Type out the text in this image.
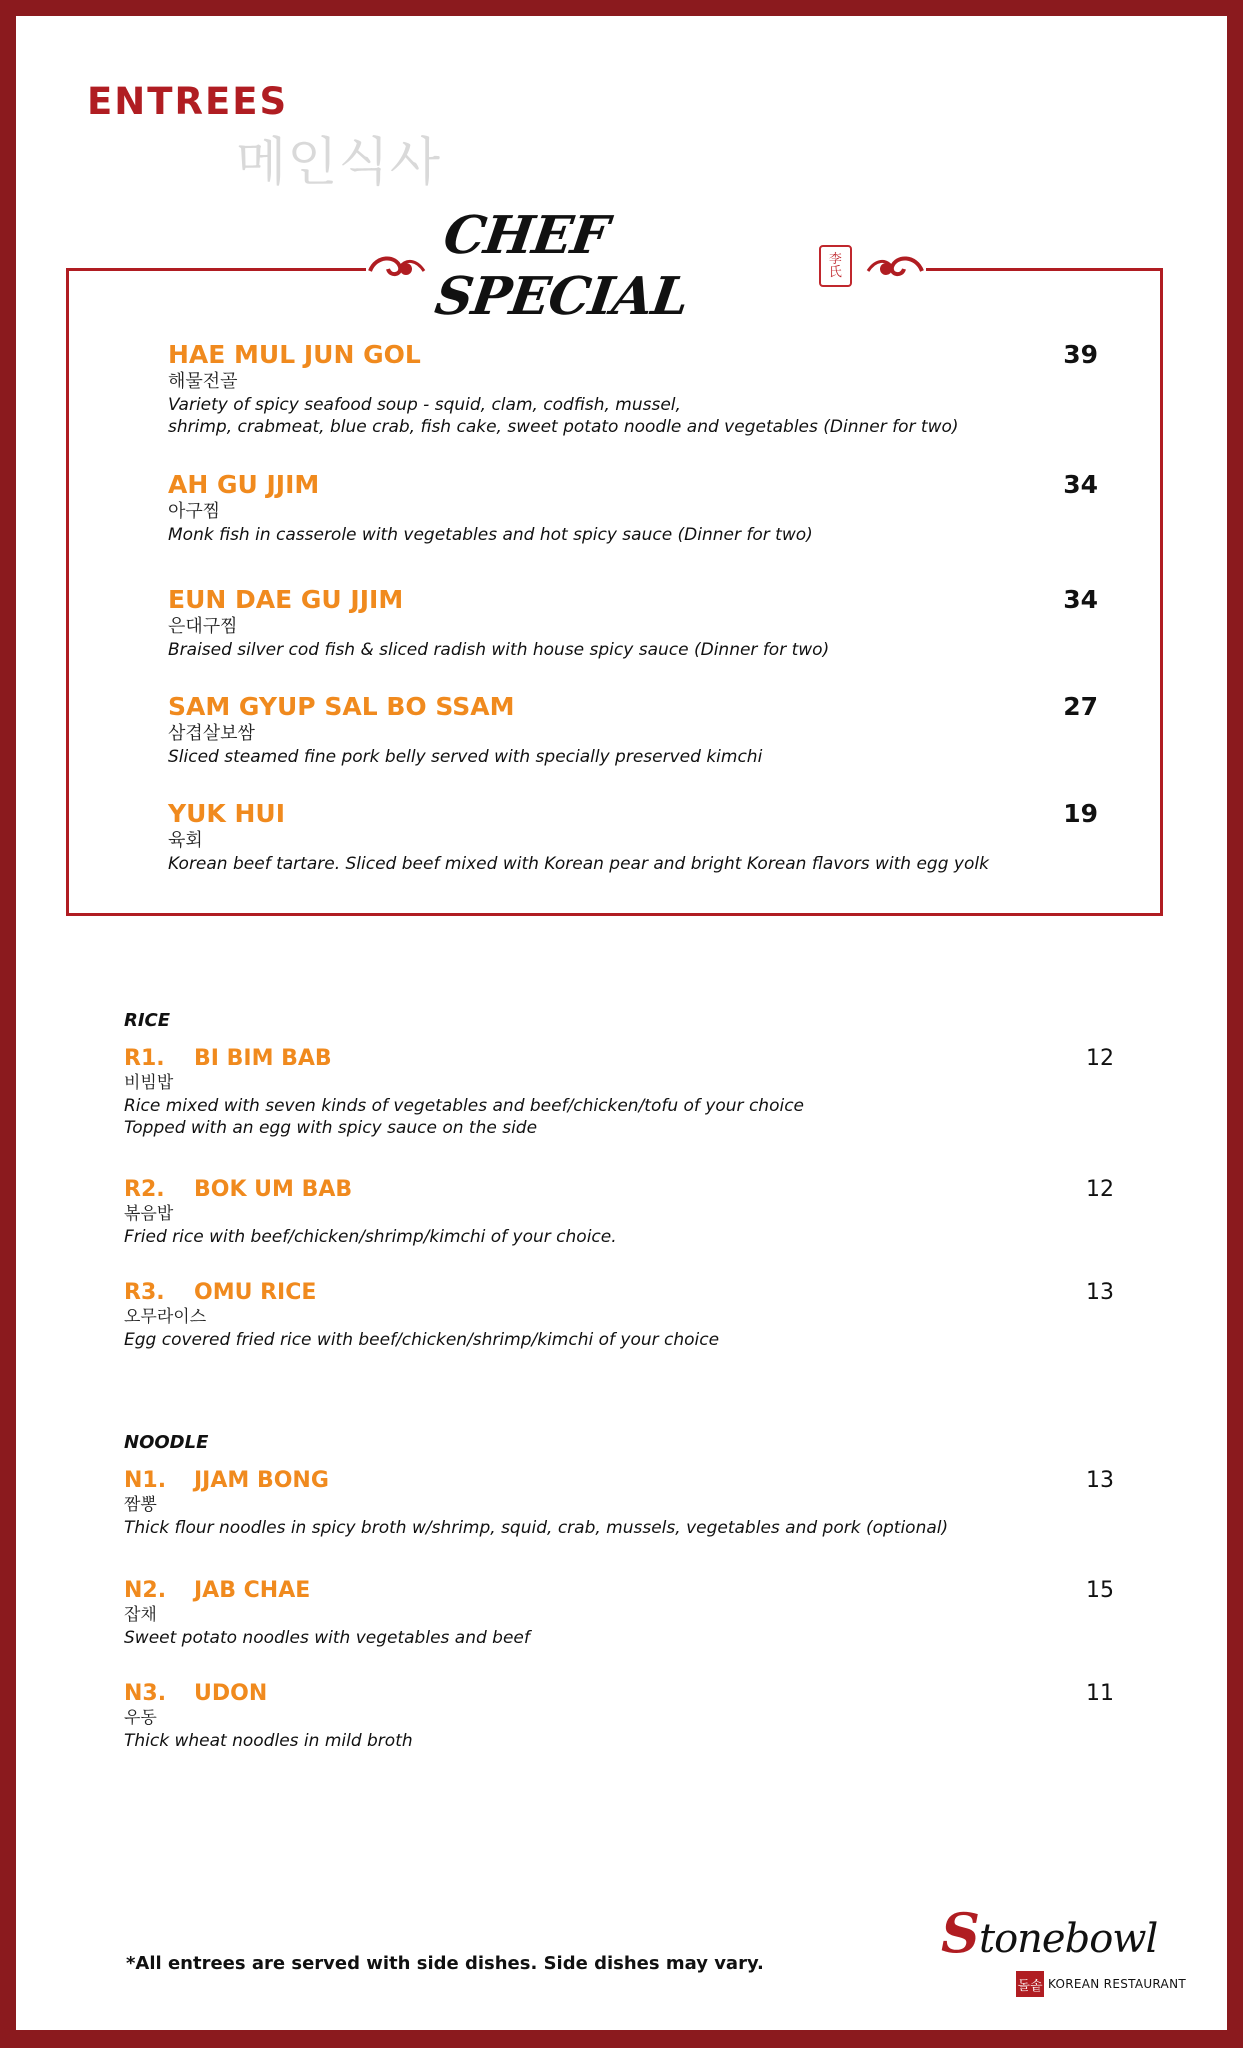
ENTREES
메인식사
CHEF SPECIAL
李氏
HAE MUL JUN GOL
해물전골
Variety of spicy seafood soup - squid, clam, codfish, mussel,
shrimp, crabmeat, blue crab, fish cake, sweet potato noodle and vegetables (Dinner for two)
39
AH GU JJIM
아구찜
Monk fish in casserole with vegetables and hot spicy sauce (Dinner for two)
34
EUN DAE GU JJIM
은대구찜
Braised silver cod fish & sliced radish with house spicy sauce (Dinner for two)
34
SAM GYUP SAL BO SSAM
삼겹살보쌈
Sliced steamed fine pork belly served with specially preserved kimchi
27
YUK HUI
육회
Korean beef tartare. Sliced beef mixed with Korean pear and bright Korean flavors with egg yolk
19
RICE
R1. BI BIM BAB
비빔밥
Rice mixed with seven kinds of vegetables and beef/chicken/tofu of your choice
Topped with an egg with spicy sauce on the side
12
R2. BOK UM BAB
볶음밥
Fried rice with beef/chicken/shrimp/kimchi of your choice.
12
R3. OMU RICE
오무라이스
Egg covered fried rice with beef/chicken/shrimp/kimchi of your choice
13
NOODLE
N1. JJAM BONG
짬뽕
Thick flour noodles in spicy broth w/shrimp, squid, crab, mussels, vegetables and pork (optional)
13
N2. JAB CHAE
잡채
Sweet potato noodles with vegetables and beef
15
N3. UDON
우동
Thick wheat noodles in mild broth
11
*All entrees are served with side dishes. Side dishes may vary.	Stonebowl
돌솥 KOREAN RESTAURANT
